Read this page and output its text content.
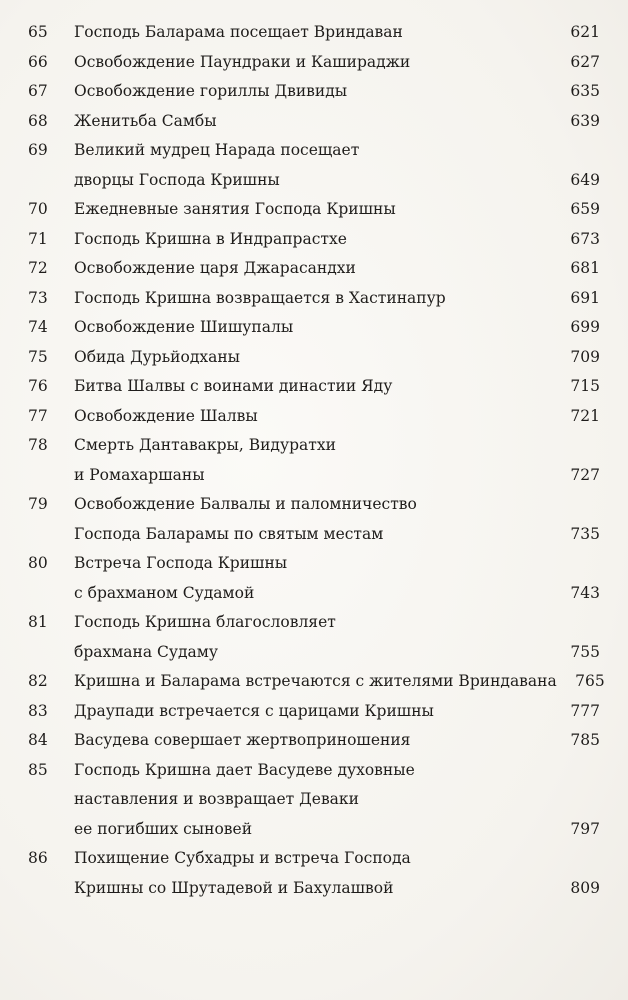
65	Господь Баларама посещает Вриндаван	621
66	Освобождение Паундраки и Кашираджи	627
67	Освобождение гориллы Двивиды	635
68	Женитьба Самбы	639
69	Великий мудрец Нарада посещает
дворцы Господа Кришны	649
70	Ежедневные занятия Господа Кришны	659
71	Господь Кришна в Индрапрастхе	673
72	Освобождение царя Джарасандхи	681
73	Господь Кришна возвращается в Хастинапур	691
74	Освобождение Шишупалы	699
75	Обида Дурьйодханы	709
76	Битва Шалвы с воинами династии Яду	715
77	Освобождение Шалвы	721
78	Смерть Дантавакры, Видуратхи
и Ромахаршаны	727
79	Освобождение Балвалы и паломничество
Господа Баларамы по святым местам	735
80	Встреча Господа Кришны
с брахманом Судамой	743
81	Господь Кришна благословляет
брахмана Судаму	755
82	Кришна и Баларама встречаются с жителями Вриндавана	765
83	Драупади встречается с царицами Кришны	777
84	Васудева совершает жертвоприношения	785
85	Господь Кришна дает Васудеве духовные
наставления и возвращает Деваки
ее погибших сыновей	797
86	Похищение Субхадры и встреча Господа
Кришны со Шрутадевой и Бахулашвой	809
